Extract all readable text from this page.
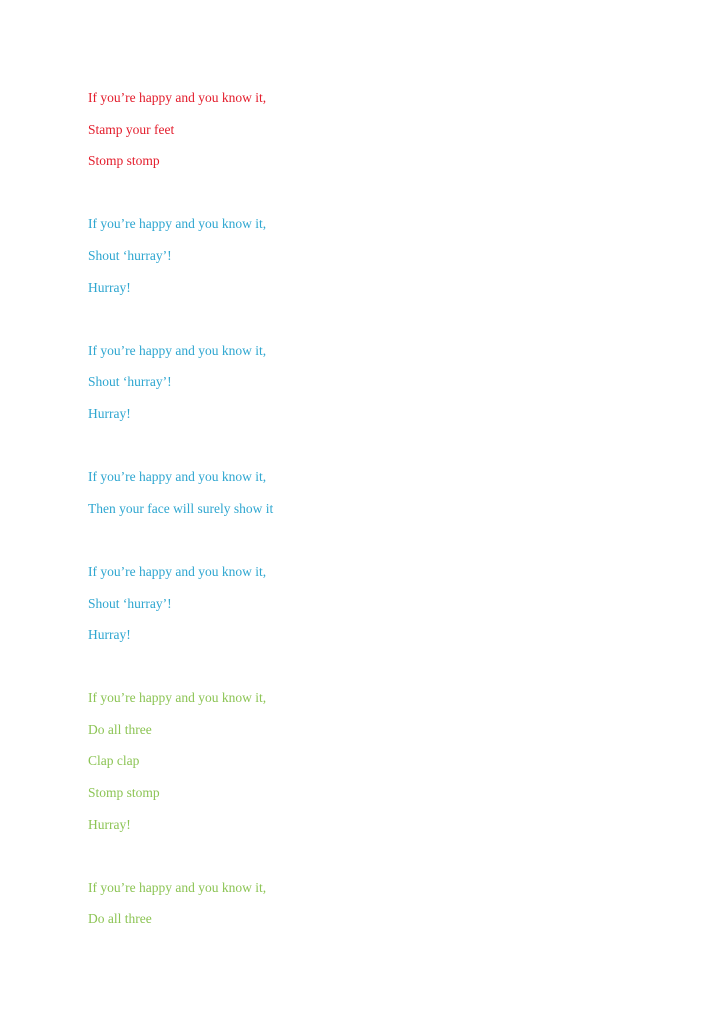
If you’re happy and you know it,
Stamp your feet
Stomp stomp
If you’re happy and you know it,
Shout ‘hurray’!
Hurray!
If you’re happy and you know it,
Shout ‘hurray’!
Hurray!
If you’re happy and you know it,
Then your face will surely show it
If you’re happy and you know it,
Shout ‘hurray’!
Hurray!
If you’re happy and you know it,
Do all three
Clap clap
Stomp stomp
Hurray!
If you’re happy and you know it,
Do all three
